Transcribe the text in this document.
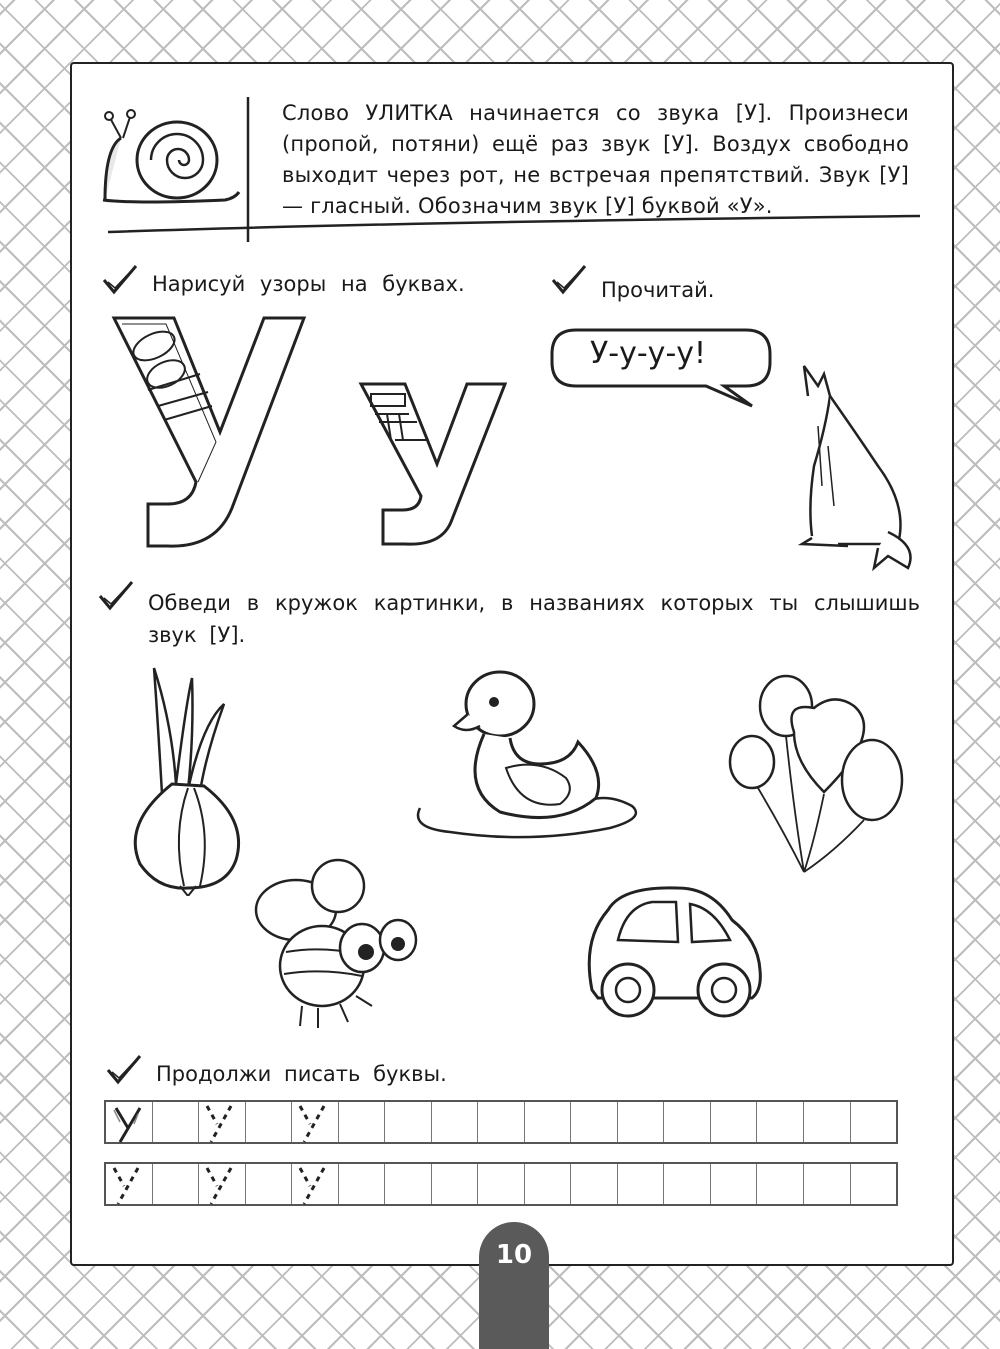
Слово УЛИТКА начинается со звука [У]. Произнеси (пропой, потяни) ещё раз звук [У]. Воздух свободно выходит через рот, не встречая препятствий. Звук [У] — гласный. Обозначим звук [У] буквой «У».
Нарисуй узоры на буквах.	Прочитай.
У-у-у-у!
Обведи в кружок картинки, в названиях которых ты слышишь звук [У].
Продолжи писать буквы.
10
